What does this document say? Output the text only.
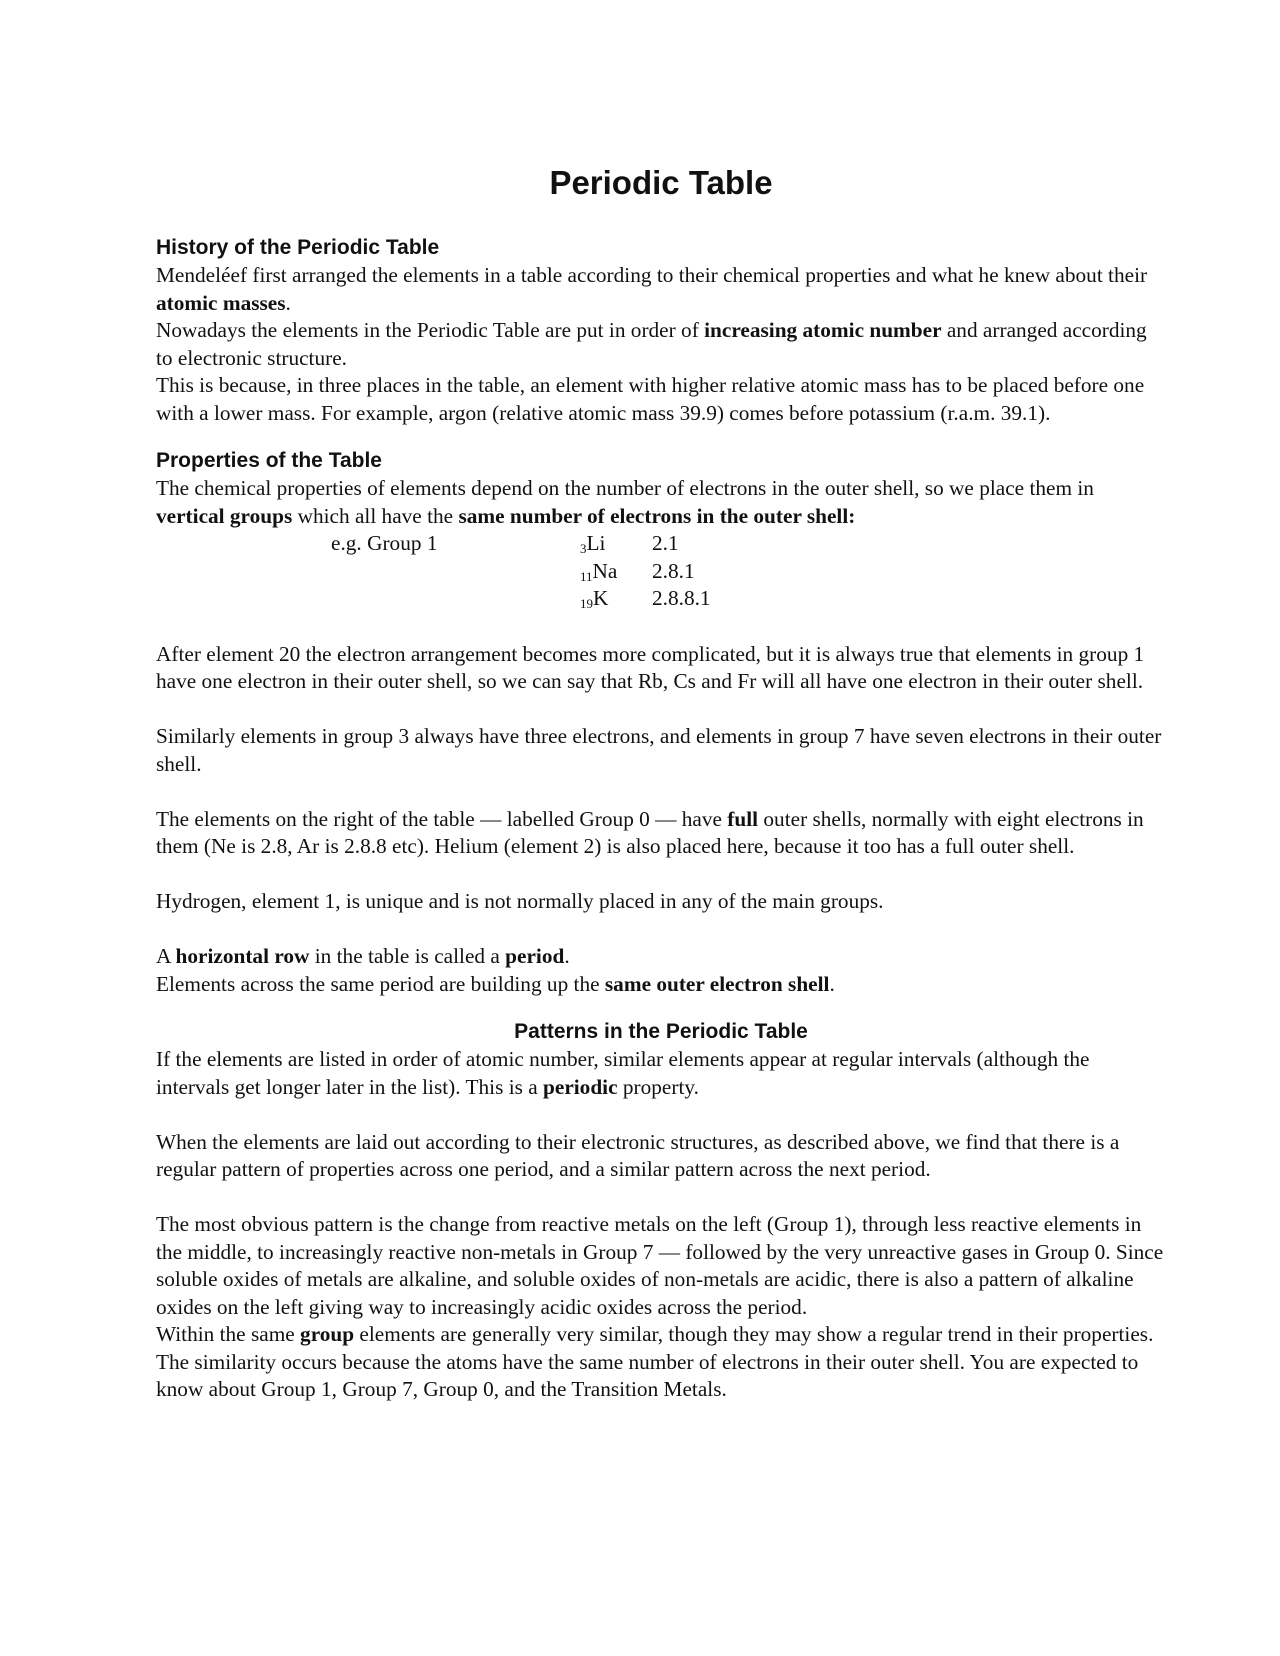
Periodic Table
History of the Periodic Table

Mendeléef first arranged the elements in a table according to their chemical properties and what he knew about their atomic masses.

Nowadays the elements in the Periodic Table are put in order of increasing atomic number and arranged according to electronic structure.

This is because, in three places in the table, an element with higher relative atomic mass has to be placed before one with a lower mass. For example, argon (relative atomic mass 39.9) comes before potassium (r.a.m. 39.1).

Properties of the Table

The chemical properties of elements depend on the number of electrons in the outer shell, so we place them in vertical groups which all have the same number of electrons in the outer shell:

e.g. Group 1	3Li 2.1
11Na 2.8.1
19K 2.8.8.1

After element 20 the electron arrangement becomes more complicated, but it is always true that elements in group 1 have one electron in their outer shell, so we can say that Rb, Cs and Fr will all have one electron in their outer shell.

Similarly elements in group 3 always have three electrons, and elements in group 7 have seven electrons in their outer shell.

The elements on the right of the table — labelled Group 0 — have full outer shells, normally with eight electrons in them (Ne is 2.8, Ar is 2.8.8 etc). Helium (element 2) is also placed here, because it too has a full outer shell.

Hydrogen, element 1, is unique and is not normally placed in any of the main groups.

A horizontal row in the table is called a period.

Elements across the same period are building up the same outer electron shell.

Patterns in the Periodic Table

If the elements are listed in order of atomic number, similar elements appear at regular intervals (although the intervals get longer later in the list). This is a periodic property.

When the elements are laid out according to their electronic structures, as described above, we find that there is a regular pattern of properties across one period, and a similar pattern across the next period.

The most obvious pattern is the change from reactive metals on the left (Group 1), through less reactive elements in the middle, to increasingly reactive non-metals in Group 7 — followed by the very unreactive gases in Group 0. Since soluble oxides of metals are alkaline, and soluble oxides of non-metals are acidic, there is also a pattern of alkaline oxides on the left giving way to increasingly acidic oxides across the period.

Within the same group elements are generally very similar, though they may show a regular trend in their properties. The similarity occurs because the atoms have the same number of electrons in their outer shell. You are expected to know about Group 1, Group 7, Group 0, and the Transition Metals.
